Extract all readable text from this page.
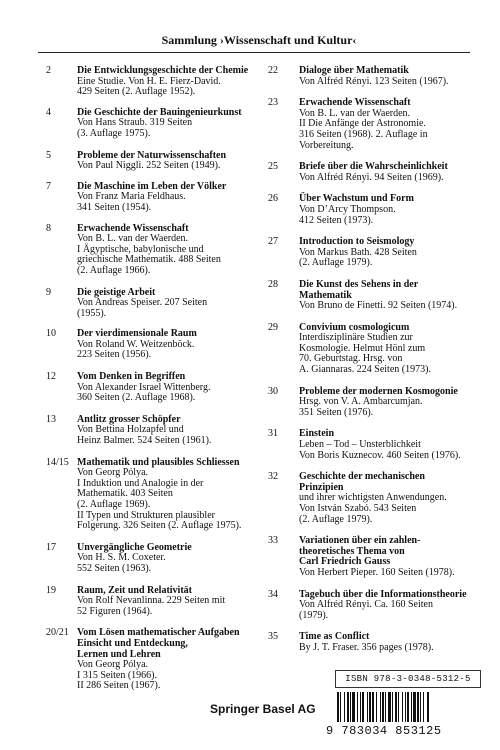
Sammlung ›Wissenschaft und Kultur‹
2	Die Entwicklungsgeschichte der Chemie
Eine Studie. Von H. E. Fierz-David.
429 Seiten (2. Auflage 1952).
4	Die Geschichte der Bauingenieurkunst
Von Hans Straub. 319 Seiten
(3. Auflage 1975).
5	Probleme der Naturwissenschaften
Von Paul Niggli. 252 Seiten (1949).
7	Die Maschine im Leben der Völker
Von Franz Maria Feldhaus.
341 Seiten (1954).
8	Erwachende Wissenschaft
Von B. L. van der Waerden.
I Ägyptische, babylonische und
griechische Mathematik. 488 Seiten
(2. Auflage 1966).
9	Die geistige Arbeit
Von Andreas Speiser. 207 Seiten
(1955).
10 Der vierdimensionale Raum
Von Roland W. Weitzenböck.
223 Seiten (1956).
12 Vom Denken in Begriffen
Von Alexander Israel Wittenberg.
360 Seiten (2. Auflage 1968).
13 Antlitz grosser Schöpfer
Von Bettina Holzapfel und
Heinz Balmer. 524 Seiten (1961).
14/15 Mathematik und plausibles Schliessen
Von Georg Pólya.
I Induktion und Analogie in der
Mathematik. 403 Seiten
(2. Auflage 1969).
II Typen und Strukturen plausibler
Folgerung. 326 Seiten (2. Auflage 1975).
17 Unvergängliche Geometrie
Von H. S. M. Coxeter.
552 Seiten (1963).
19 Raum, Zeit und Relativität
Von Rolf Nevanlinna. 229 Seiten mit
52 Figuren (1964).
20/21 Vom Lösen mathematischer Aufgaben
Einsicht und Entdeckung,
Lernen und Lehren
Von Georg Pólya.
I 315 Seiten (1966).
II 286 Seiten (1967).
22 Dialoge über Mathematik
Von Alfréd Rényi. 123 Seiten (1967).
23 Erwachende Wissenschaft
Von B. L. van der Waerden.
II Die Anfänge der Astronomie.
316 Seiten (1968). 2. Auflage in
Vorbereitung.
25 Briefe über die Wahrscheinlichkeit
Von Alfréd Rényi. 94 Seiten (1969).
26 Über Wachstum und Form
Von D’Arcy Thompson.
412 Seiten (1973).
27 Introduction to Seismology
Von Markus Bath. 428 Seiten
(2. Auflage 1979).
28 Die Kunst des Sehens in der
Mathematik
Von Bruno de Finetti. 92 Seiten (1974).
29 Convivium cosmologicum
Interdisziplinäre Studien zur
Kosmologie. Helmut Hönl zum
70. Geburtstag. Hrsg. von
A. Giannaras. 224 Seiten (1973).
30 Probleme der modernen Kosmogonie
Hrsg. von V. A. Ambarcumjan.
351 Seiten (1976).
31 Einstein
Leben – Tod – Unsterblichkeit
Von Boris Kuznecov. 460 Seiten (1976).
32 Geschichte der mechanischen
Prinzipien
und ihrer wichtigsten Anwendungen.
Von István Szabó. 543 Seiten
(2. Auflage 1979).
33 Variationen über ein zahlen-
theoretisches Thema von
Carl Friedrich Gauss
Von Herbert Pieper. 160 Seiten (1978).
34 Tagebuch über die Informationstheorie
Von Alfréd Rényi. Ca. 160 Seiten
(1979).
35 Time as Conflict
By J. T. Fraser. 356 pages (1978).
ISBN 978-3-0348-5312-5
Springer Basel AG
9 783034 853125
